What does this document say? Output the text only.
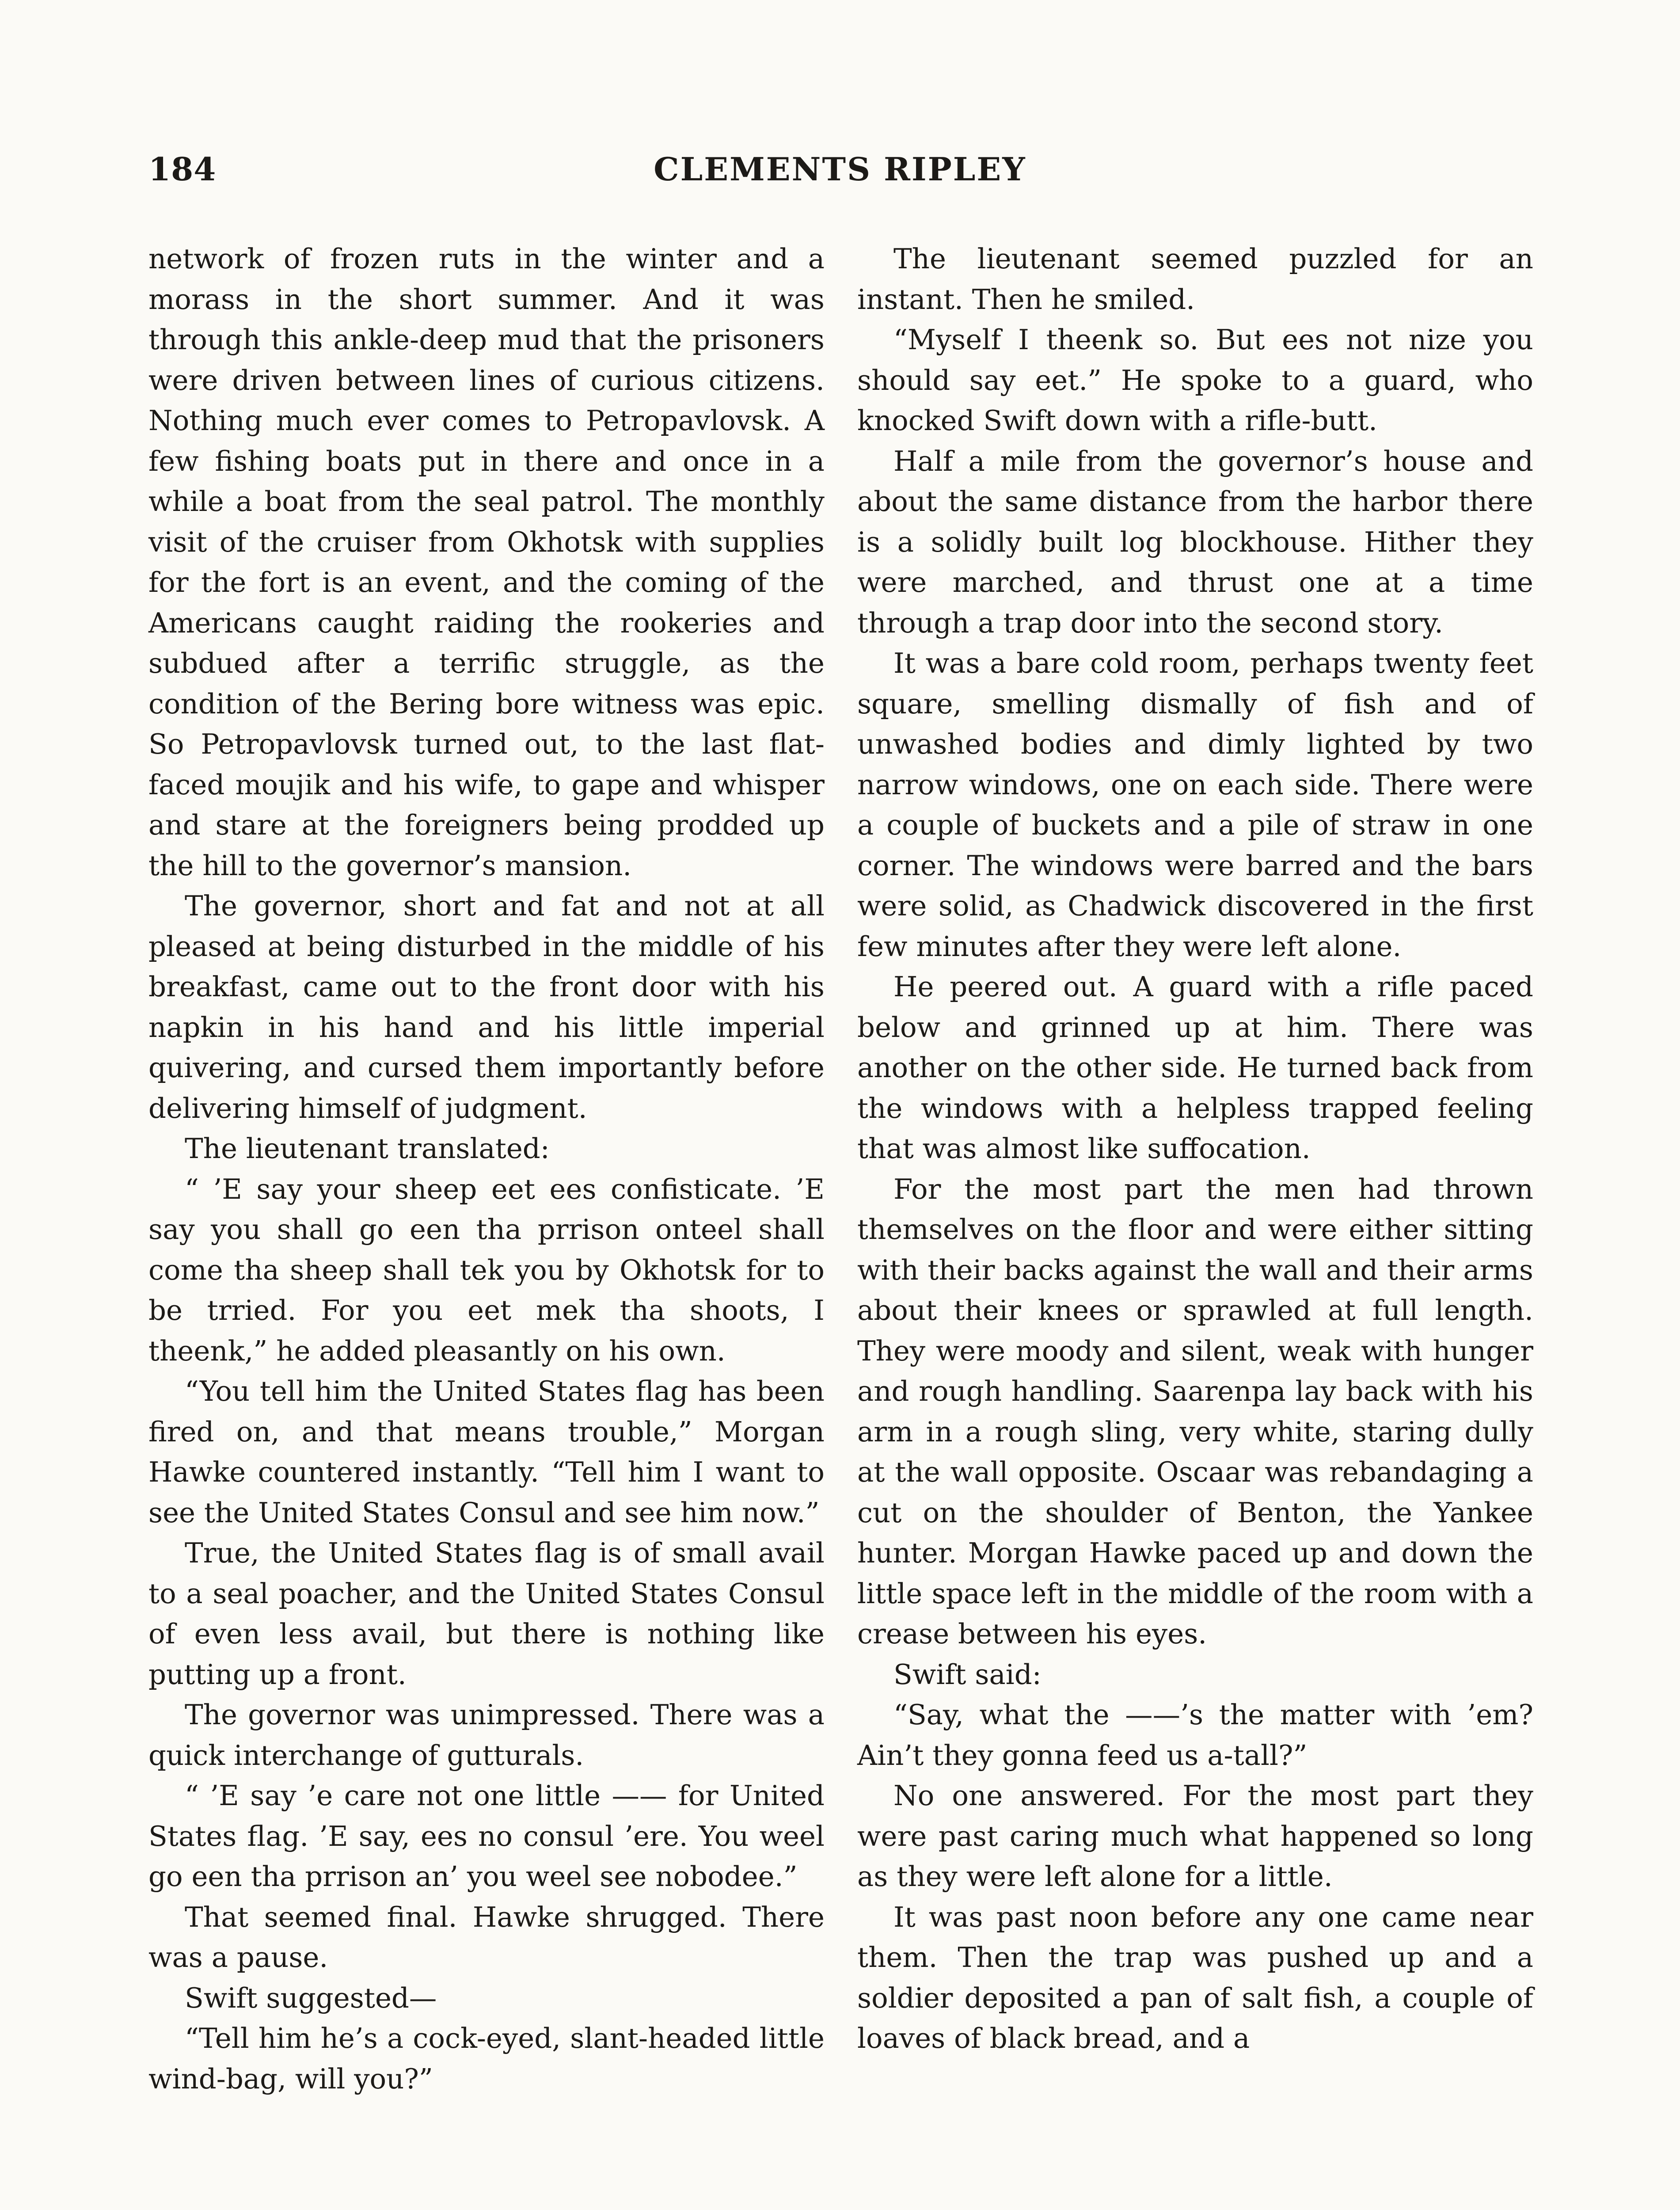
184	CLEMENTS RIPLEY

network of frozen ruts in the winter and a morass in the short summer. And it was through this ankle-deep mud that the prisoners were driven between lines of curious citizens. Nothing much ever comes to Petropavlovsk. A few fishing boats put in there and once in a while a boat from the seal patrol. The monthly visit of the cruiser from Okhotsk with supplies for the fort is an event, and the coming of the Americans caught raiding the rookeries and subdued after a terrific struggle, as the condition of the Bering bore witness was epic. So Petropavlovsk turned out, to the last flat-faced moujik and his wife, to gape and whisper and stare at the foreigners being prodded up the hill to the governor’s mansion.

The governor, short and fat and not at all pleased at being disturbed in the middle of his breakfast, came out to the front door with his napkin in his hand and his little imperial quivering, and cursed them importantly before delivering himself of judgment.

The lieutenant translated:

“ ’E say your sheep eet ees confisticate. ’E say you shall go een tha prrison onteel shall come tha sheep shall tek you by Okhotsk for to be trried. For you eet mek tha shoots, I theenk,” he added pleasantly on his own.

“You tell him the United States flag has been fired on, and that means trouble,” Morgan Hawke countered instantly. “Tell him I want to see the United States Consul and see him now.”

True, the United States flag is of small avail to a seal poacher, and the United States Consul of even less avail, but there is nothing like putting up a front.

The governor was unimpressed. There was a quick interchange of gutturals.

“ ’E say ’e care not one little —— for United States flag. ’E say, ees no consul ’ere. You weel go een tha prrison an’ you weel see nobodee.”

That seemed final. Hawke shrugged. There was a pause.

Swift suggested—

“Tell him he’s a cock-eyed, slant-headed little wind-bag, will you?”

The lieutenant seemed puzzled for an instant. Then he smiled.

“Myself I theenk so. But ees not nize you should say eet.” He spoke to a guard, who knocked Swift down with a rifle-butt.

Half a mile from the governor’s house and about the same distance from the harbor there is a solidly built log blockhouse. Hither they were marched, and thrust one at a time through a trap door into the second story.

It was a bare cold room, perhaps twenty feet square, smelling dismally of fish and of unwashed bodies and dimly lighted by two narrow windows, one on each side. There were a couple of buckets and a pile of straw in one corner. The windows were barred and the bars were solid, as Chadwick discovered in the first few minutes after they were left alone.

He peered out. A guard with a rifle paced below and grinned up at him. There was another on the other side. He turned back from the windows with a helpless trapped feeling that was almost like suffocation.

For the most part the men had thrown themselves on the floor and were either sitting with their backs against the wall and their arms about their knees or sprawled at full length. They were moody and silent, weak with hunger and rough handling. Saarenpa lay back with his arm in a rough sling, very white, staring dully at the wall opposite. Oscaar was rebandaging a cut on the shoulder of Benton, the Yankee hunter. Morgan Hawke paced up and down the little space left in the middle of the room with a crease between his eyes.

Swift said:

“Say, what the ——’s the matter with ’em? Ain’t they gonna feed us a-tall?”

No one answered. For the most part they were past caring much what happened so long as they were left alone for a little.

It was past noon before any one came near them. Then the trap was pushed up and a soldier deposited a pan of salt fish, a couple of loaves of black bread, and a
